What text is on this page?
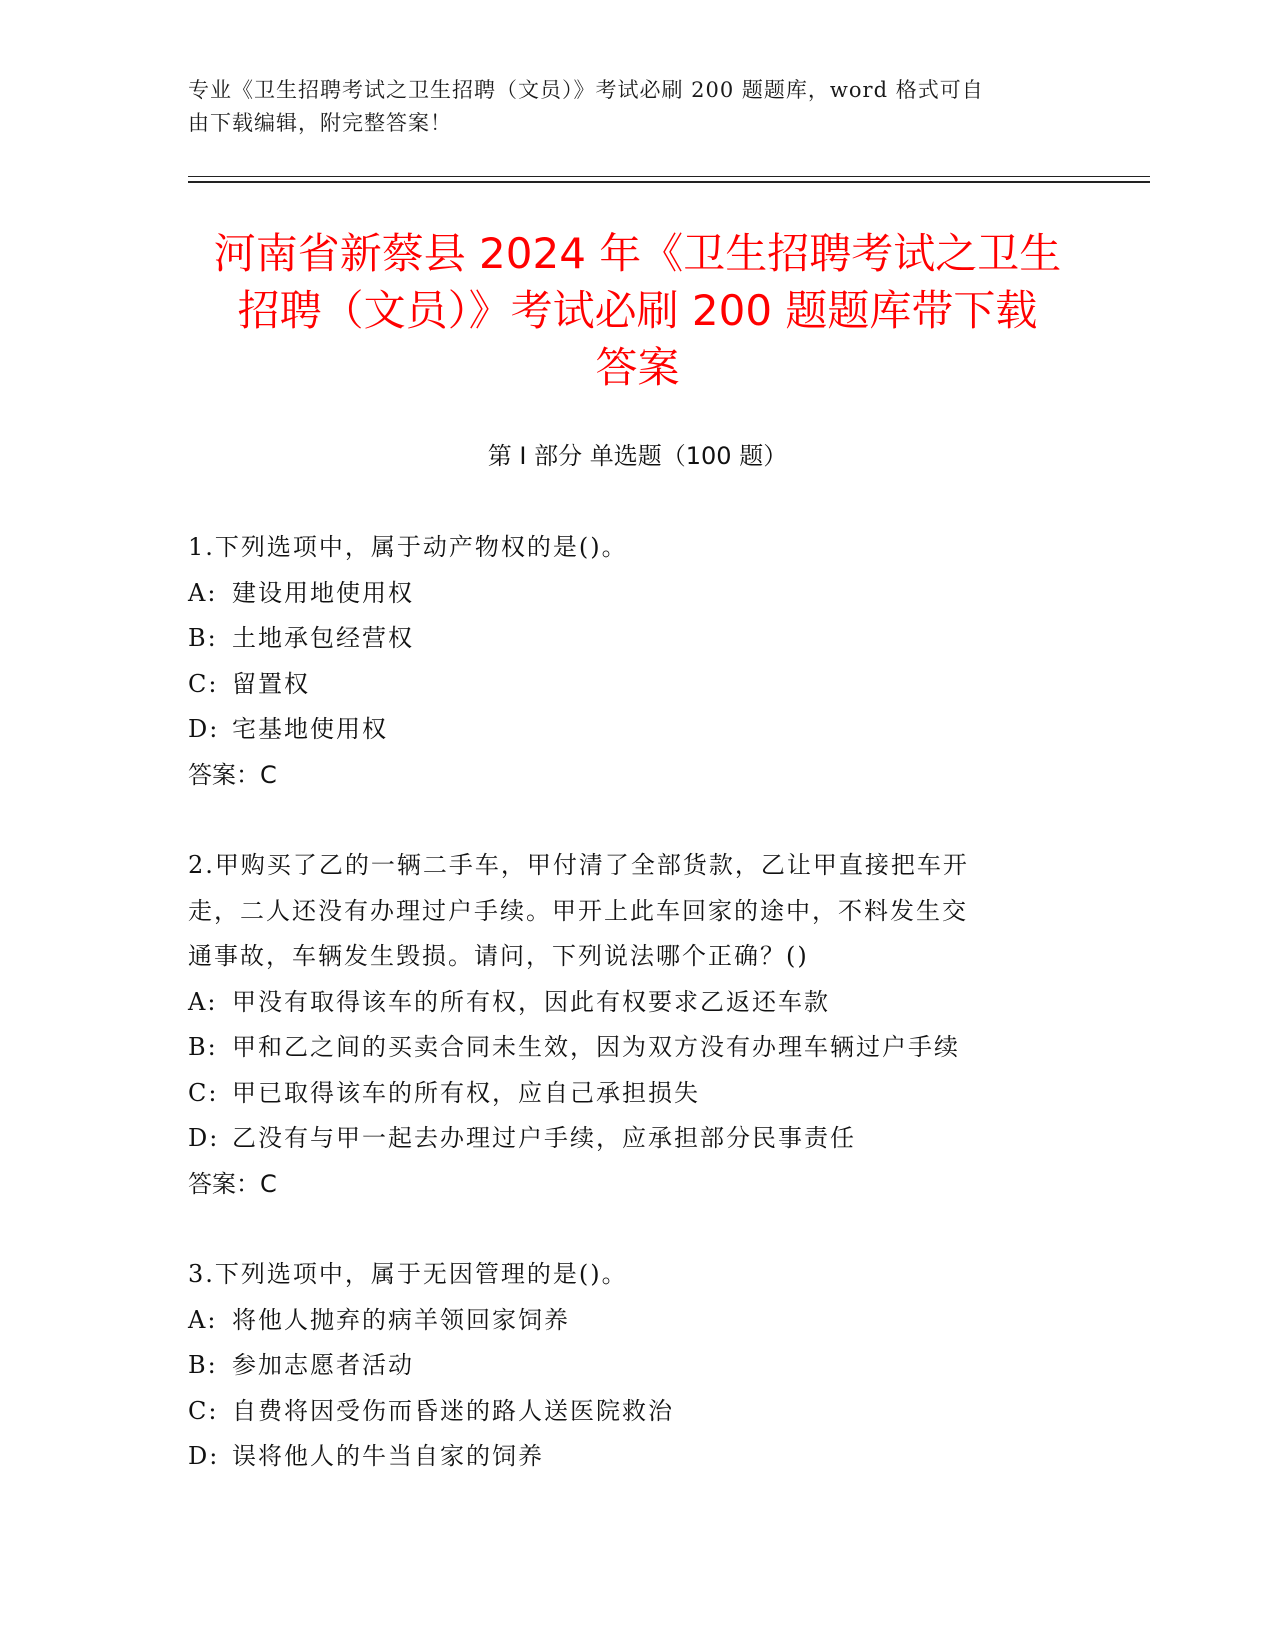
专业《卫生招聘考试之卫生招聘（文员）》考试必刷 200 题题库，word 格式可自
由下载编辑，附完整答案！
河南省新蔡县 2024 年《卫生招聘考试之卫生
招聘（文员）》考试必刷 200 题题库带下载
答案
第 I 部分 单选题（100 题）
1.下列选项中，属于动产物权的是()。
A: 建设用地使用权
B: 土地承包经营权
C: 留置权
D: 宅基地使用权
答案：C
2.甲购买了乙的一辆二手车，甲付清了全部货款，乙让甲直接把车开
走，二人还没有办理过户手续。甲开上此车回家的途中，不料发生交
通事故，车辆发生毁损。请问，下列说法哪个正确？()
A: 甲没有取得该车的所有权，因此有权要求乙返还车款
B: 甲和乙之间的买卖合同未生效，因为双方没有办理车辆过户手续
C: 甲已取得该车的所有权，应自己承担损失
D: 乙没有与甲一起去办理过户手续，应承担部分民事责任
答案：C
3.下列选项中，属于无因管理的是()。
A: 将他人抛弃的病羊领回家饲养
B: 参加志愿者活动
C: 自费将因受伤而昏迷的路人送医院救治
D: 误将他人的牛当自家的饲养
